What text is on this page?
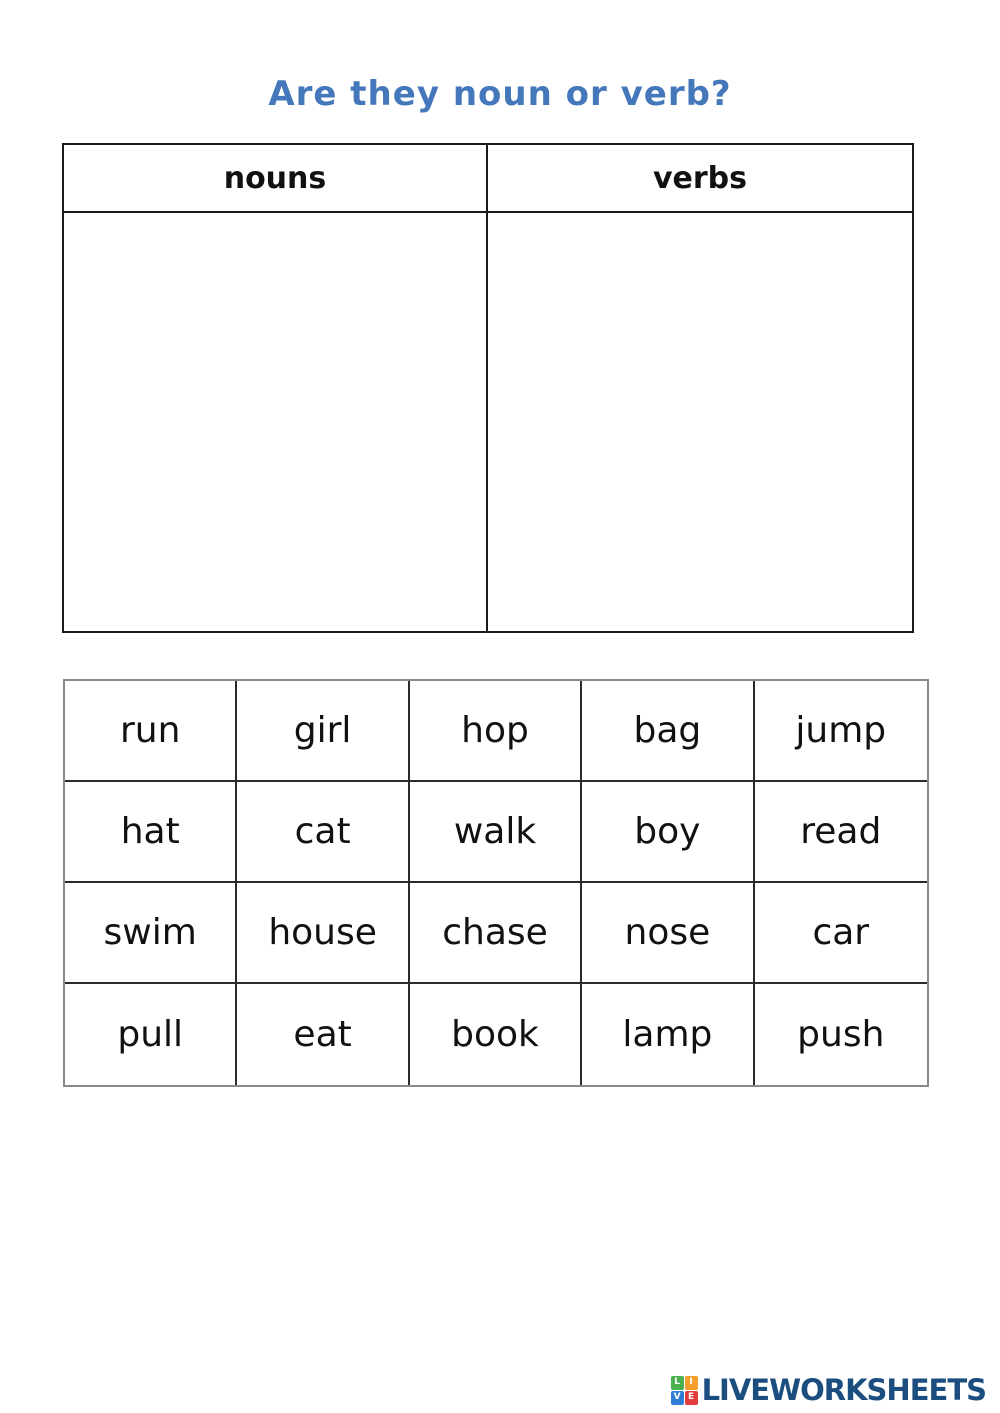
Are they noun or verb?
nouns	verbs
run	girl	hop	bag	jump
hat	cat	walk	boy	read
swim	house	chase	nose	car
pull	eat	book	lamp	push
L	I
V E LIVEWORKSHEETS
